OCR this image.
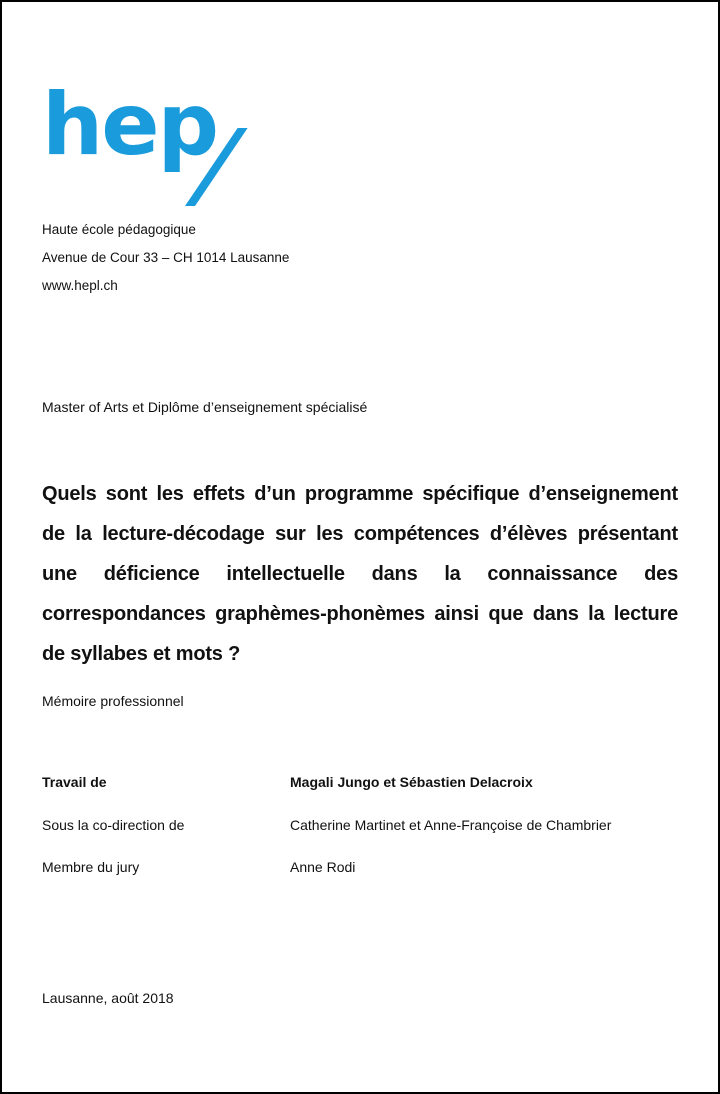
hep
Haute école pédagogique
Avenue de Cour 33 – CH 1014 Lausanne
www.hepl.ch
Master of Arts et Diplôme d’enseignement spécialisé
Quels sont les effets d’un programme spécifique d’enseignement de la lecture-décodage sur les compétences d’élèves présentant une déficience intellectuelle dans la connaissance des correspondances graphèmes-phonèmes ainsi que dans la lecture de syllabes et mots ?
Mémoire professionnel
Travail de	Magali Jungo et Sébastien Delacroix
Sous la co-direction de	Catherine Martinet et Anne-Françoise de Chambrier
Membre du jury	Anne Rodi
Lausanne, août 2018
